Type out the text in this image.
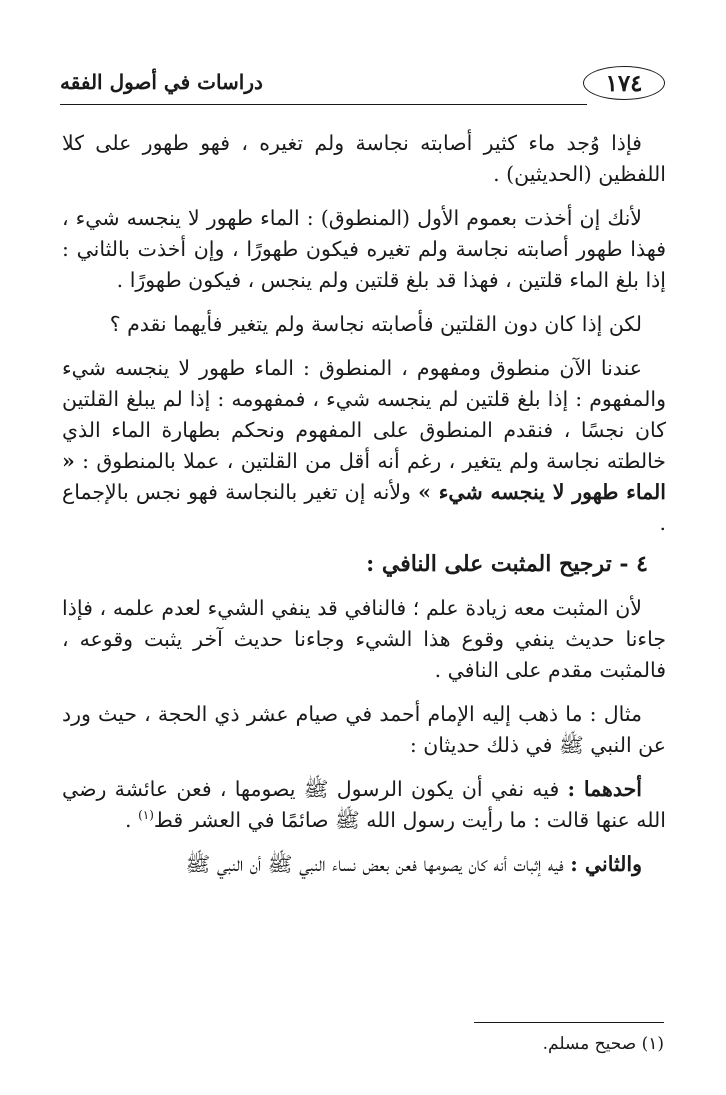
١٧٤
دراسات في أصول الفقه

فإذا وُجد ماء كثير أصابته نجاسة ولم تغيره ، فهو طهور على كلا اللفظين (الحديثين) .

لأنك إن أخذت بعموم الأول (المنطوق) : الماء طهور لا ينجسه شيء ، فهذا طهور أصابته نجاسة ولم تغيره فيكون طهورًا ، وإن أخذت بالثاني : إذا بلغ الماء قلتين ، فهذا قد بلغ قلتين ولم ينجس ، فيكون طهورًا .

لكن إذا كان دون القلتين فأصابته نجاسة ولم يتغير فأيهما نقدم ؟

عندنا الآن منطوق ومفهوم ، المنطوق : الماء طهور لا ينجسه شيء والمفهوم : إذا بلغ قلتين لم ينجسه شيء ، فمفهومه : إذا لم يبلغ القلتين كان نجسًا ، فنقدم المنطوق على المفهوم ونحكم بطهارة الماء الذي خالطته نجاسة ولم يتغير ، رغم أنه أقل من القلتين ، عملا بالمنطوق : « الماء طهور لا ينجسه شيء » ولأنه إن تغير بالنجاسة فهو نجس بالإجماع .

٤ - ترجيح المثبت على النافي :

لأن المثبت معه زيادة علم ؛ فالنافي قد ينفي الشيء لعدم علمه ، فإذا جاءنا حديث ينفي وقوع هذا الشيء وجاءنا حديث آخر يثبت وقوعه ، فالمثبت مقدم على النافي .

مثال : ما ذهب إليه الإمام أحمد في صيام عشر ذي الحجة ، حيث ورد عن النبي ﷺ في ذلك حديثان :

أحدهما : فيه نفي أن يكون الرسول ﷺ يصومها ، فعن عائشة رضي الله عنها قالت : ما رأيت رسول الله ﷺ صائمًا في العشر قط$^{(١)}$ .

والثاني : فيه إثبات أنه كان يصومها فعن بعض نساء النبي ﷺ أن النبي ﷺ

(١) صحيح مسلم.
